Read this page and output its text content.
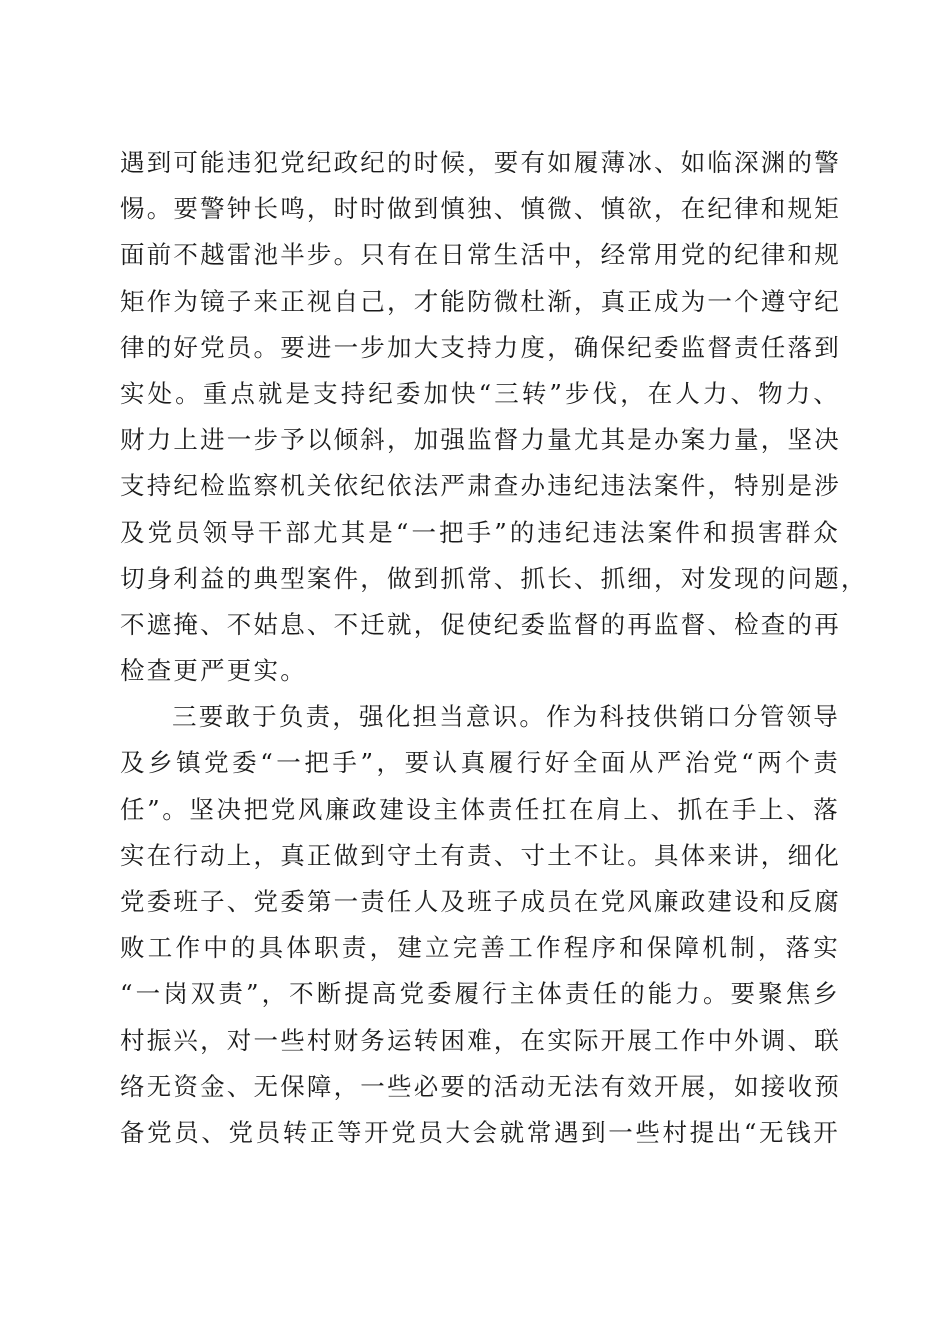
遇到可能违犯党纪政纪的时候，要有如履薄冰、如临深渊的警
惕。要警钟长鸣，时时做到慎独、慎微、慎欲，在纪律和规矩
面前不越雷池半步。只有在日常生活中，经常用党的纪律和规
矩作为镜子来正视自己，才能防微杜渐，真正成为一个遵守纪
律的好党员。要进一步加大支持力度，确保纪委监督责任落到
实处。重点就是支持纪委加快“三转”步伐，在人力、物力、
财力上进一步予以倾斜，加强监督力量尤其是办案力量，坚决
支持纪检监察机关依纪依法严肃查办违纪违法案件，特别是涉
及党员领导干部尤其是“一把手”的违纪违法案件和损害群众
切身利益的典型案件，做到抓常、抓长、抓细，对发现的问题，
不遮掩、不姑息、不迁就，促使纪委监督的再监督、检查的再
检查更严更实。
三要敢于负责，强化担当意识。作为科技供销口分管领导
及乡镇党委“一把手”，要认真履行好全面从严治党“两个责
任”。坚决把党风廉政建设主体责任扛在肩上、抓在手上、落
实在行动上，真正做到守土有责、寸土不让。具体来讲，细化
党委班子、党委第一责任人及班子成员在党风廉政建设和反腐
败工作中的具体职责，建立完善工作程序和保障机制，落实
“一岗双责”，不断提高党委履行主体责任的能力。要聚焦乡
村振兴，对一些村财务运转困难，在实际开展工作中外调、联
络无资金、无保障，一些必要的活动无法有效开展，如接收预
备党员、党员转正等开党员大会就常遇到一些村提出“无钱开
